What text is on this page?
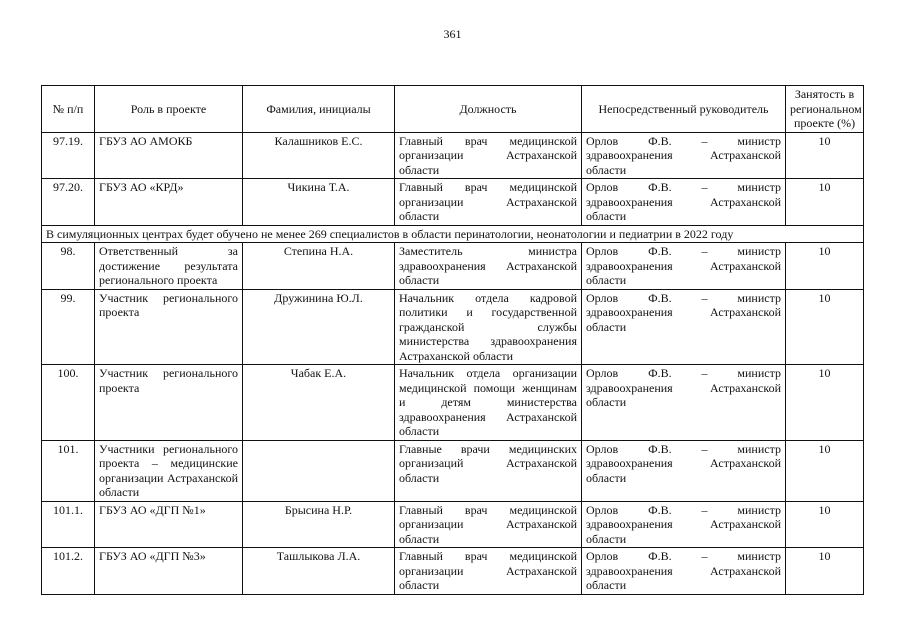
361
№ п/п	Роль в проекте	Фамилия, инициалы	Должность	Непосредственный руководитель	Занятость в региональном проекте (%)
97.19.	ГБУЗ АО АМОКБ	Калашников Е.С.	Главный врач медицинской организации Астраханской области	Орлов Ф.В. – министр здравоохранения Астраханской области	10
97.20.	ГБУЗ АО «КРД»	Чикина Т.А.	Главный врач медицинской организации Астраханской области	Орлов Ф.В. – министр здравоохранения Астраханской области	10
В симуляционных центрах будет обучено не менее 269 специалистов в области перинатологии, неонатологии и педиатрии в 2022 году					
98.	Ответственный за достижение результата регионального проекта	Степина Н.А.	Заместитель министра здравоохранения Астраханской области	Орлов Ф.В. – министр здравоохранения Астраханской области	10
99.	Участник регионального проекта	Дружинина Ю.Л.	Начальник отдела кадровой политики и государственной гражданской службы министерства здравоохранения Астраханской области	Орлов Ф.В. – министр здравоохранения Астраханской области	10
100.	Участник регионального проекта	Чабак Е.А.	Начальник отдела организации медицинской помощи женщинам и детям министерства здравоохранения Астраханской области	Орлов Ф.В. – министр здравоохранения Астраханской области	10
101.	Участники регионального проекта – медицинские организации Астраханской области		Главные врачи медицинских организаций Астраханской области	Орлов Ф.В. – министр здравоохранения Астраханской области	10
101.1.	ГБУЗ АО «ДГП №1»	Брысина Н.Р.	Главный врач медицинской организации Астраханской области	Орлов Ф.В. – министр здравоохранения Астраханской области	10
101.2.	ГБУЗ АО «ДГП №3»	Ташлыкова Л.А.	Главный врач медицинской организации Астраханской области	Орлов Ф.В. – министр здравоохранения Астраханской области	10
